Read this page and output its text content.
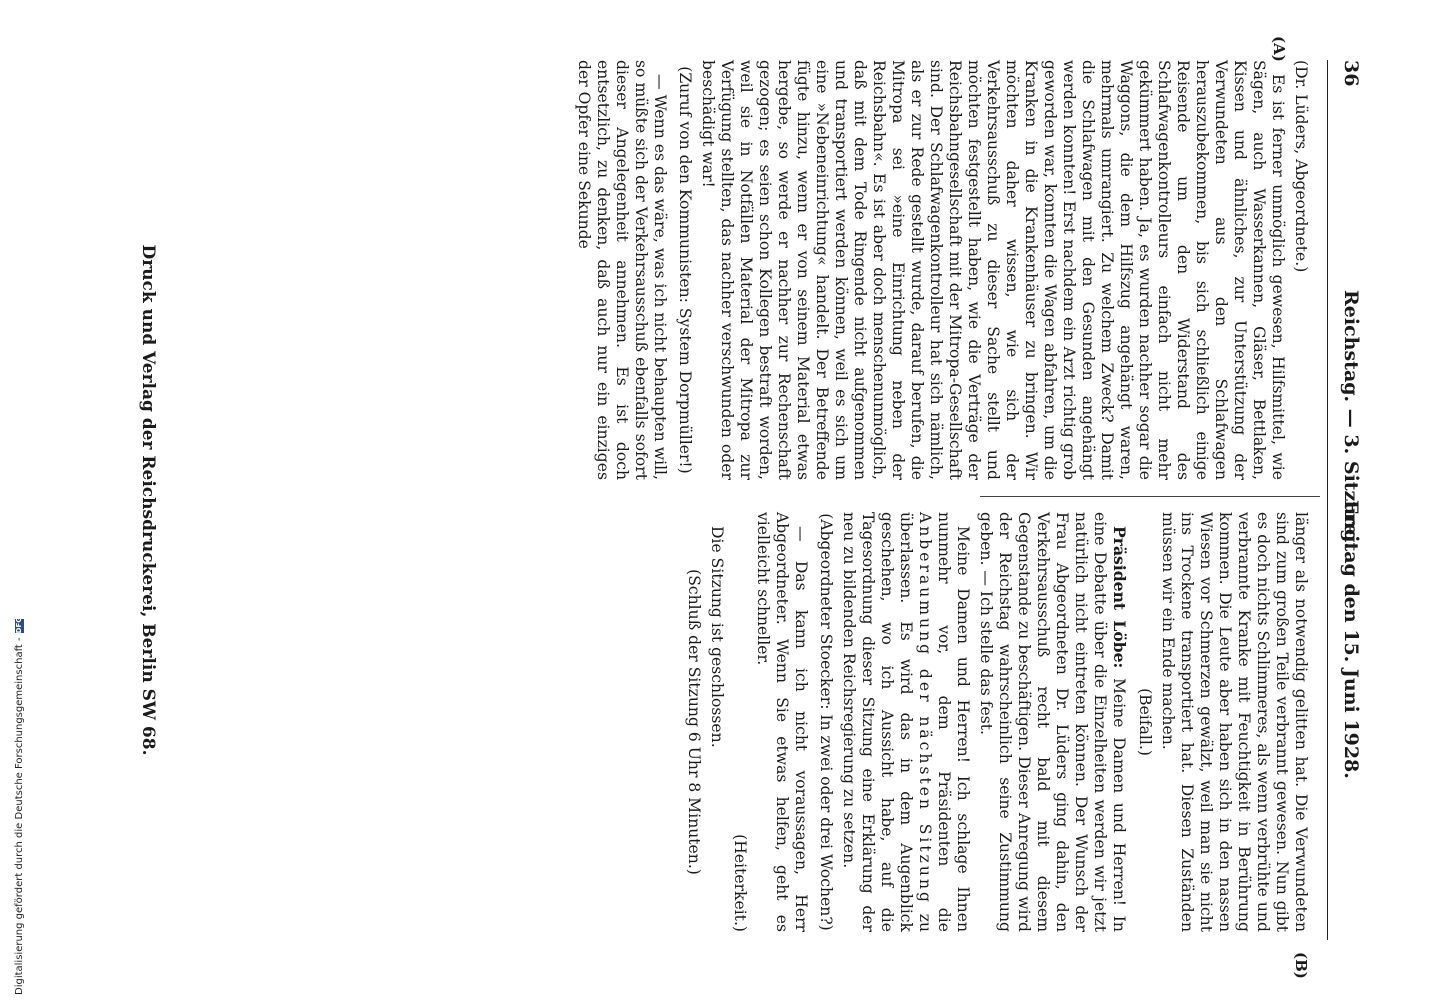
36
Reichstag. — 3. Sitzung.
Freitag den 15. Juni 1928.
(A)
(B)

(Dr. Lüders, Abgeordnete.)

Es ist ferner unmöglich gewesen, Hilfsmittel, wie Sägen, auch Wasserkannen, Gläser, Bettlaken, Kissen und ähnliches, zur Unterstützung der Verwundeten aus den Schlafwagen herauszubekommen, bis sich schließlich einige Reisende um den Widerstand des Schlafwagenkontrolleurs einfach nicht mehr gekümmert haben. Ja, es wurden nachher sogar die Waggons, die dem Hilfszug angehängt waren, mehrmals umrangiert. Zu welchem Zweck? Damit die Schlafwagen mit den Gesunden angehängt werden konnten! Erst nachdem ein Arzt richtig grob geworden war, konnten die Wagen abfahren, um die Kranken in die Krankenhäuser zu bringen. Wir möchten daher wissen, wie sich der Verkehrsausschuß zu dieser Sache stellt und möchten festgestellt haben, wie die Verträge der Reichsbahngesellschaft mit der Mitropa-Gesellschaft sind. Der Schlafwagenkontrolleur hat sich nämlich, als er zur Rede gestellt wurde, darauf berufen, die Mitropa sei »eine Einrichtung neben der Reichsbahn«. Es ist aber doch menschenunmöglich, daß mit dem Tode Ringende nicht aufgenommen und transportiert werden können, weil es sich um eine »Nebeneinrichtung« handelt. Der Betreffende fügte hinzu, wenn er von seinem Material etwas hergebe, so werde er nachher zur Rechenschaft gezogen; es seien schon Kollegen bestraft worden, weil sie in Notfällen Material der Mitropa zur Verfügung stellten, das nachher verschwunden oder beschädigt war!

(Zuruf von den Kommunisten: System Dorpmüller!)

— Wenn es das wäre, was ich nicht behaupten will, so müßte sich der Verkehrsausschuß ebenfalls sofort dieser Angelegenheit annehmen. Es ist doch entsetzlich, zu denken, daß auch nur ein einziges der Opfer eine Sekunde

länger als notwendig gelitten hat. Die Verwundeten sind zum großen Teile verbrannt gewesen. Nun gibt es doch nichts Schlimmeres, als wenn verbrühte und verbrannte Kranke mit Feuchtigkeit in Berührung kommen. Die Leute aber haben sich in den nassen Wiesen vor Schmerzen gewälzt, weil man sie nicht ins Trockene transportiert hat. Diesen Zuständen müssen wir ein Ende machen.

(Beifall.)

Präsident Löbe: Meine Damen und Herren! In eine Debatte über die Einzelheiten werden wir jetzt natürlich nicht eintreten können. Der Wunsch der Frau Abgeordneten Dr. Lüders ging dahin, den Verkehrsausschuß recht bald mit diesem Gegenstande zu beschäftigen. Dieser Anregung wird der Reichstag wahrscheinlich seine Zustimmung geben. — Ich stelle das fest.

Meine Damen und Herren! Ich schlage Ihnen nunmehr vor, dem Präsidenten die Anberaumung der nächsten Sitzung zu überlassen. Es wird das in dem Augenblick geschehen, wo ich Aussicht habe, auf die Tagesordnung dieser Sitzung eine Erklärung der neu zu bildenden Reichsregierung zu setzen.

(Abgeordneter Stoecker: In zwei oder drei Wochen?)

— Das kann ich nicht voraussagen, Herr Abgeordneter. Wenn Sie etwas helfen, geht es vielleicht schneller.

(Heiterkeit.)

Die Sitzung ist geschlossen.

(Schluß der Sitzung 6 Uhr 8 Minuten.)

Druck und Verlag der Reichsdruckerei, Berlin SW 68.
Digitalisierung gefördert durch die Deutsche Forschungsgemeinschaft -
DFG
